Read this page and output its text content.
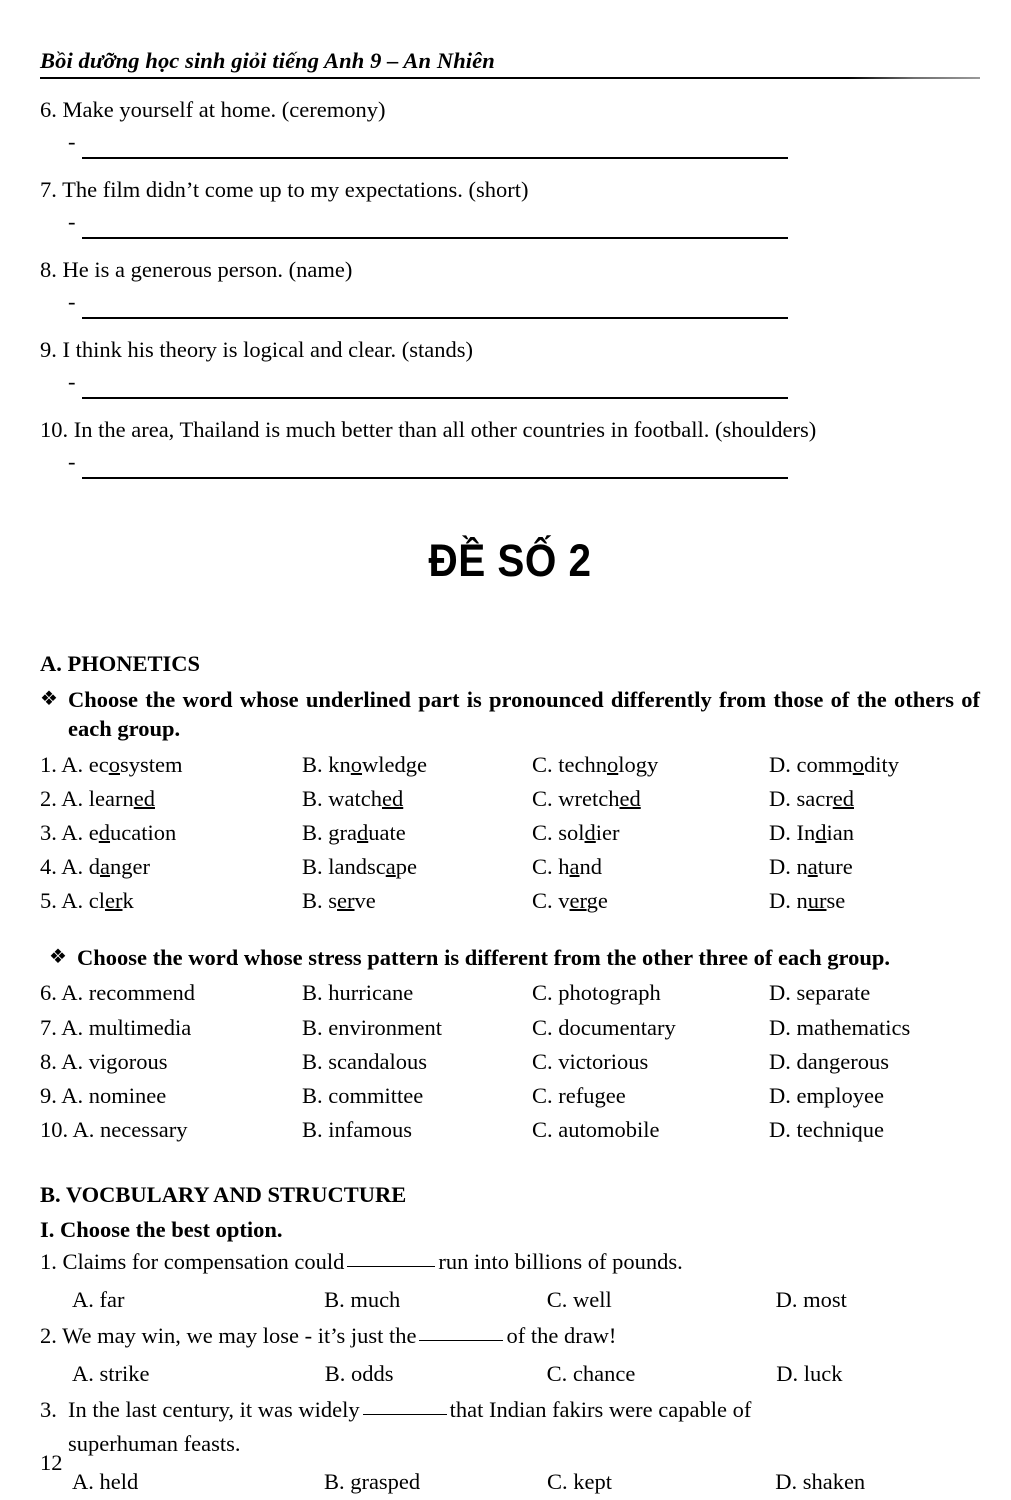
Bồi dưỡng học sinh giỏi tiếng Anh 9 – An Nhiên
6. Make yourself at home. (ceremony)
-
7. The film didn’t come up to my expectations. (short)
-
8. He is a generous person. (name)
-
9. I think his theory is logical and clear. (stands)
-
10. In the area, Thailand is much better than all other countries in football. (shoulders)
-
ĐỀ SỐ 2
A. PHONETICS
❖ Choose the word whose underlined part is pronounced differently from those of the others of each group.
1. A. ecosystem	B. knowledge	C. technology	D. commodity
2. A. learned	B. watched	C. wretched	D. sacred
3. A. education	B. graduate	C. soldier	D. Indian
4. A. danger	B. landscape	C. hand	D. nature
5. A. clerk	B. serve	C. verge	D. nurse
❖ Choose the word whose stress pattern is different from the other three of each group.
6. A. recommend	B. hurricane	C. photograph	D. separate
7. A. multimedia	B. environment	C. documentary	D. mathematics
8. A. vigorous	B. scandalous	C. victorious	D. dangerous
9. A. nominee	B. committee	C. refugee	D. employee
10. A. necessary	B. infamous	C. automobile	D. technique
B. VOCBULARY AND STRUCTURE
I. Choose the best option.
1. Claims for compensation could	run into billions of pounds.
A. far	B. much	C. well	D. most
2. We may win, we may lose - it’s just the	of the draw!
A. strike	B. odds	C. chance	D. luck
3. In the last century, it was widely	that Indian fakirs were capable of
superhuman feasts.
A. held	B. grasped	C. kept	D. shaken
12
